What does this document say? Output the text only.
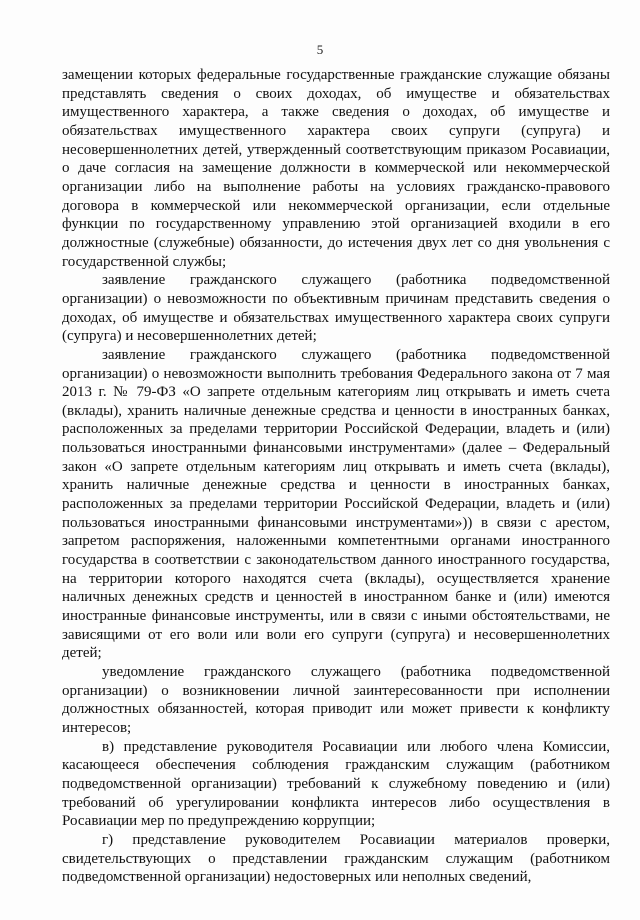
5

замещении которых федеральные государственные гражданские служащие обязаны представлять сведения о своих доходах, об имуществе и обязательствах имущественного характера, а также сведения о доходах, об имуществе и обязательствах имущественного характера своих супруги (супруга) и несовершеннолетних детей, утвержденный соответствующим приказом Росавиации, о даче согласия на замещение должности в коммерческой или некоммерческой организации либо на выполнение работы на условиях гражданско-правового договора в коммерческой или некоммерческой организации, если отдельные функции по государственному управлению этой организацией входили в его должностные (служебные) обязанности, до истечения двух лет со дня увольнения с государственной службы;

заявление гражданского служащего (работника подведомственной организации) о невозможности по объективным причинам представить сведения о доходах, об имуществе и обязательствах имущественного характера своих супруги (супруга) и несовершеннолетних детей;

заявление гражданского служащего (работника подведомственной организации) о невозможности выполнить требования Федерального закона от 7 мая 2013 г. № 79-ФЗ «О запрете отдельным категориям лиц открывать и иметь счета (вклады), хранить наличные денежные средства и ценности в иностранных банках, расположенных за пределами территории Российской Федерации, владеть и (или) пользоваться иностранными финансовыми инструментами» (далее – Федеральный закон «О запрете отдельным категориям лиц открывать и иметь счета (вклады), хранить наличные денежные средства и ценности в иностранных банках, расположенных за пределами территории Российской Федерации, владеть и (или) пользоваться иностранными финансовыми инструментами»)) в связи с арестом, запретом распоряжения, наложенными компетентными органами иностранного государства в соответствии с законодательством данного иностранного государства, на территории которого находятся счета (вклады), осуществляется хранение наличных денежных средств и ценностей в иностранном банке и (или) имеются иностранные финансовые инструменты, или в связи с иными обстоятельствами, не зависящими от его воли или воли его супруги (супруга) и несовершеннолетних детей;

уведомление гражданского служащего (работника подведомственной организации) о возникновении личной заинтересованности при исполнении должностных обязанностей, которая приводит или может привести к конфликту интересов;

в) представление руководителя Росавиации или любого члена Комиссии, касающееся обеспечения соблюдения гражданским служащим (работником подведомственной организации) требований к служебному поведению и (или) требований об урегулировании конфликта интересов либо осуществления в Росавиации мер по предупреждению коррупции;

г) представление руководителем Росавиации материалов проверки, свидетельствующих о представлении гражданским служащим (работником подведомственной организации) недостоверных или неполных сведений,
